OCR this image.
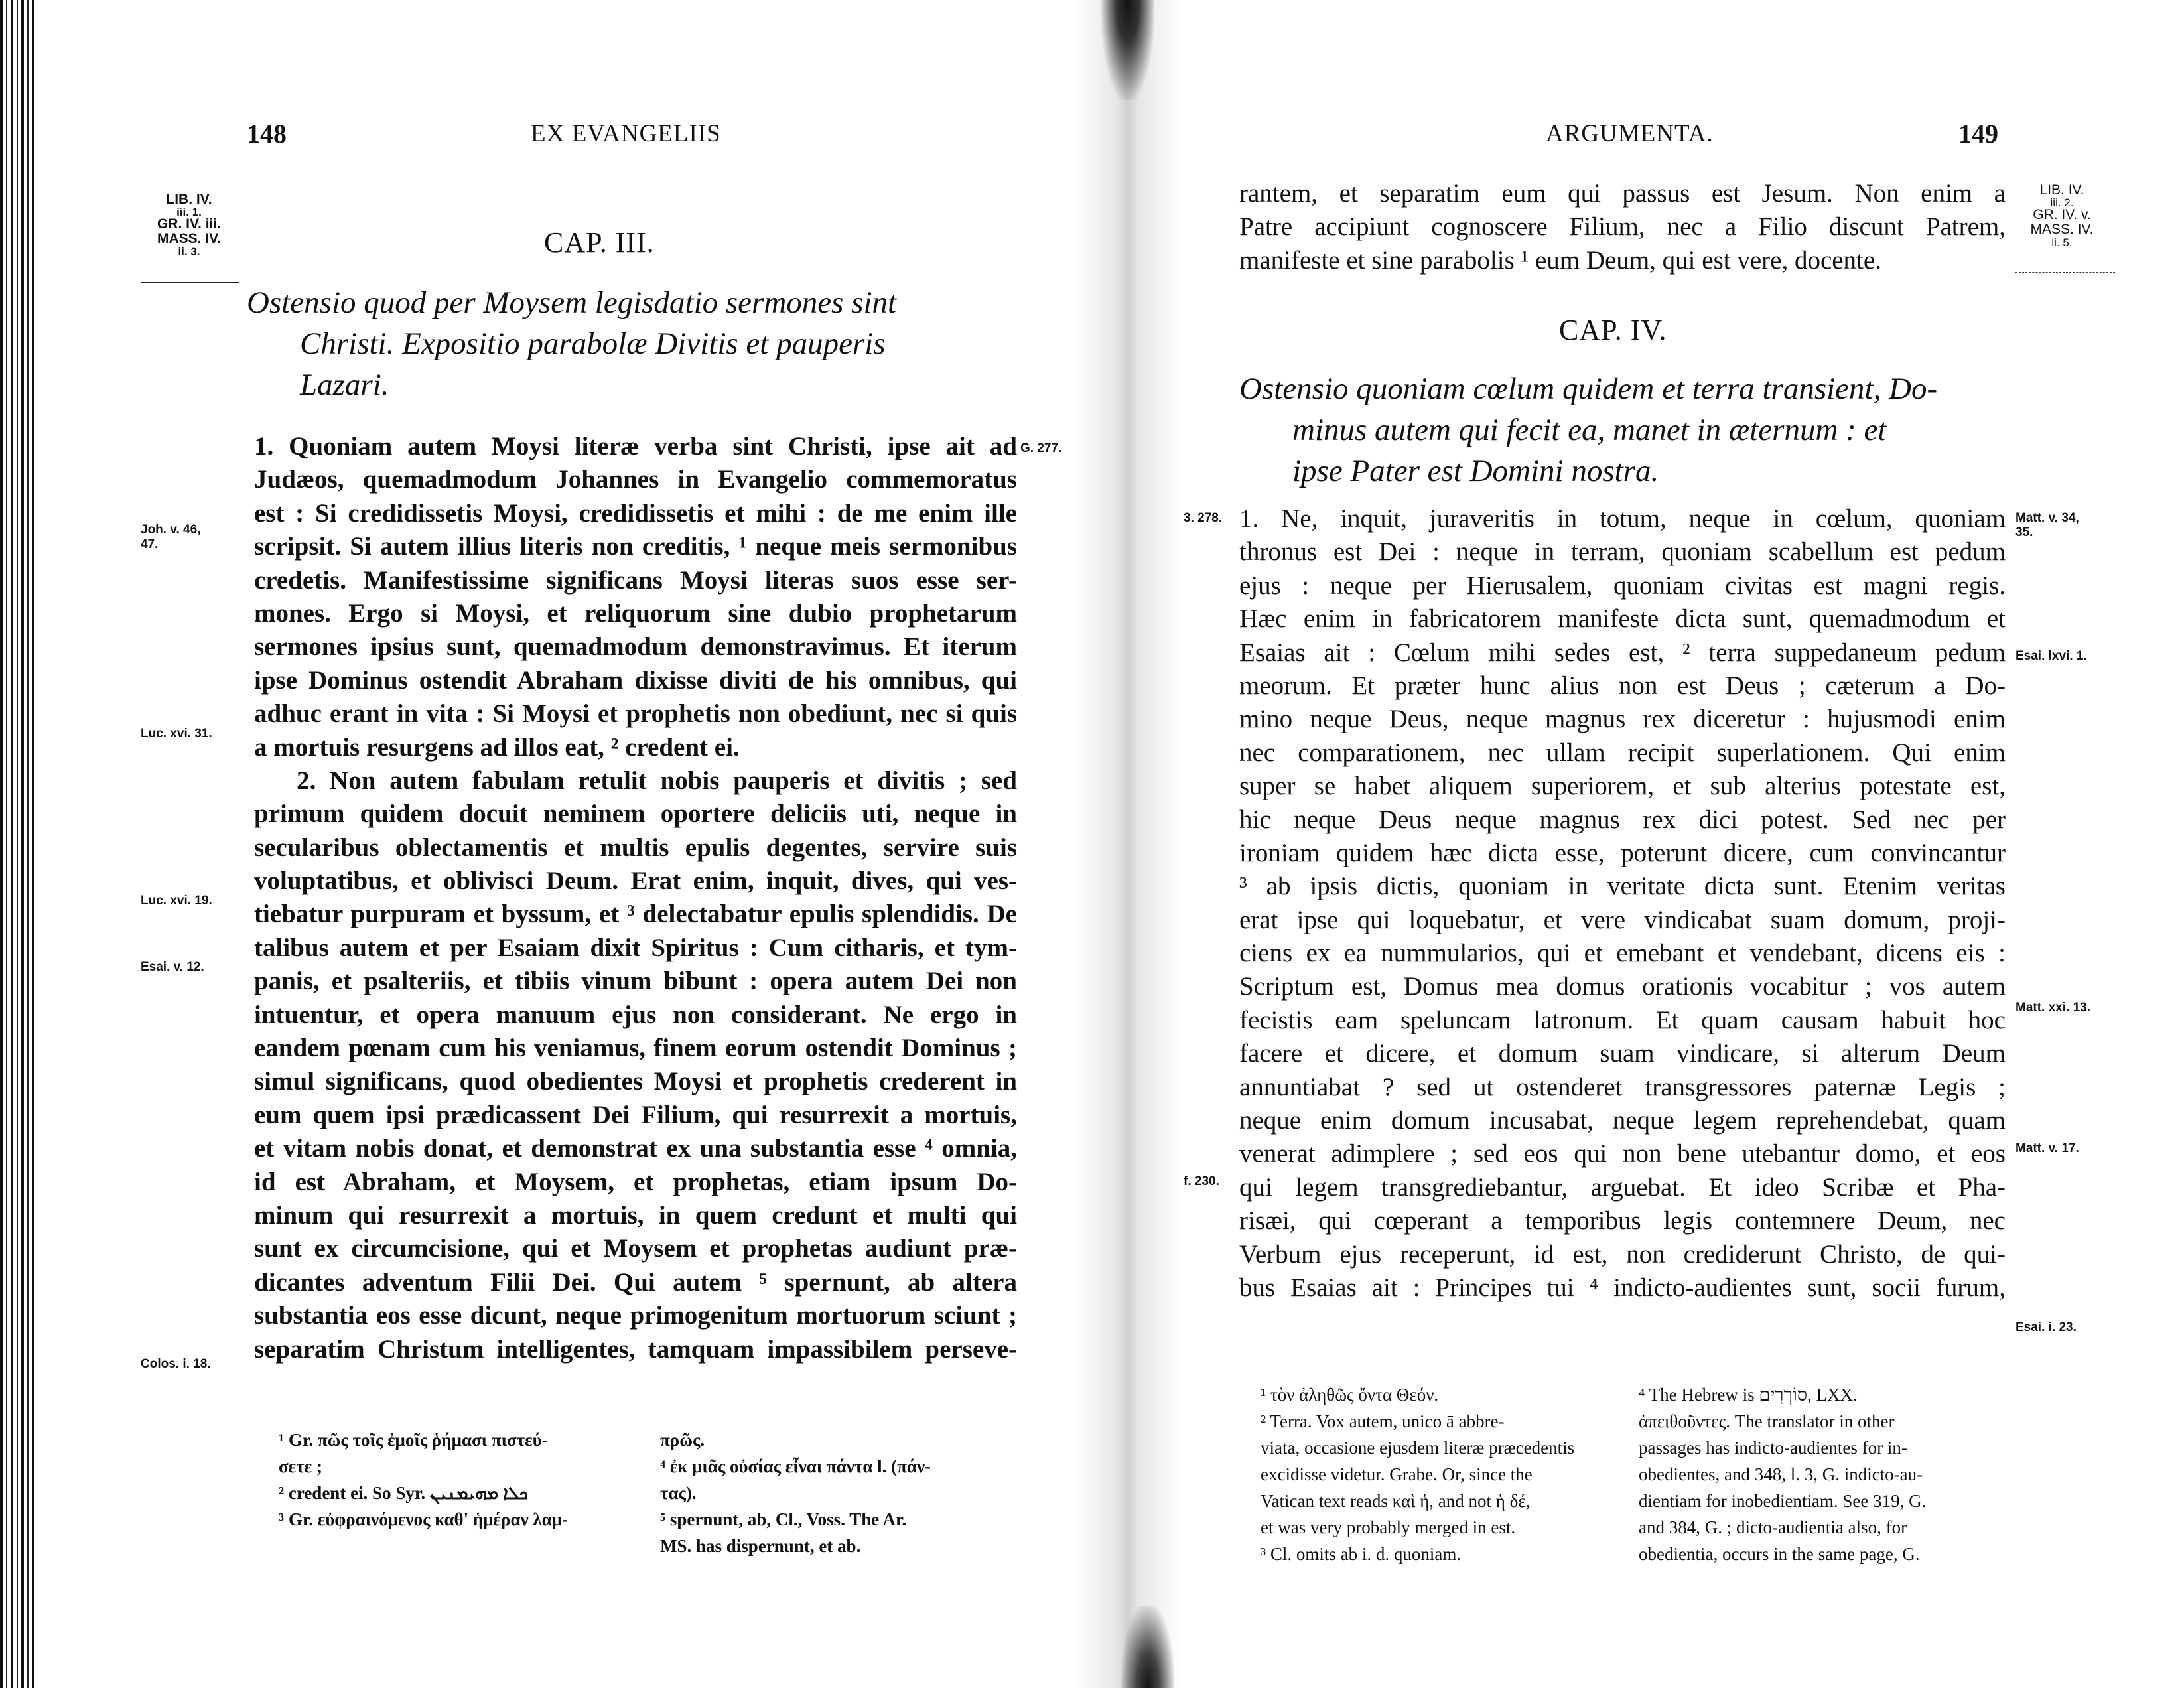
148	EX EVANGELIIS
LIB. IV.
iii. 1.
GR. IV. iii.
MASS. IV.
ii. 3.	CAP. III.
Ostensio quod per Moysem legisdatio sermones sint
Christi. Expositio parabolæ Divitis et pauperis
Lazari.
G. 277.
Joh. v. 46,
47.
Luc. xvi. 31.
Luc. xvi. 19.
Esai. v. 12.
Colos. i. 18.
1. Quoniam autem Moysi literæ verba sint Christi, ipse ait ad
Judæos, quemadmodum Johannes in Evangelio commemoratus
est : Si credidissetis Moysi, credidissetis et mihi : de me enim ille
scripsit. Si autem illius literis non creditis, ¹ neque meis sermonibus
credetis. Manifestissime significans Moysi literas suos esse ser-
mones. Ergo si Moysi, et reliquorum sine dubio prophetarum
sermones ipsius sunt, quemadmodum demonstravimus. Et iterum
ipse Dominus ostendit Abraham dixisse diviti de his omnibus, qui
adhuc erant in vita : Si Moysi et prophetis non obediunt, nec si quis
a mortuis resurgens ad illos eat, ² credent ei.
2. Non autem fabulam retulit nobis pauperis et divitis ; sed
primum quidem docuit neminem oportere deliciis uti, neque in
secularibus oblectamentis et multis epulis degentes, servire suis
voluptatibus, et oblivisci Deum. Erat enim, inquit, dives, qui ves-
tiebatur purpuram et byssum, et ³ delectabatur epulis splendidis. De
talibus autem et per Esaiam dixit Spiritus : Cum citharis, et tym-
panis, et psalteriis, et tibiis vinum bibunt : opera autem Dei non
intuentur, et opera manuum ejus non considerant. Ne ergo in
eandem pœnam cum his veniamus, finem eorum ostendit Dominus ;
simul significans, quod obedientes Moysi et prophetis crederent in
eum quem ipsi prædicassent Dei Filium, qui resurrexit a mortuis,
et vitam nobis donat, et demonstrat ex una substantia esse ⁴ omnia,
id est Abraham, et Moysem, et prophetas, etiam ipsum Do-
minum qui resurrexit a mortuis, in quem credunt et multi qui
sunt ex circumcisione, qui et Moysem et prophetas audiunt præ-
dicantes adventum Filii Dei. Qui autem ⁵ spernunt, ab altera
substantia eos esse dicunt, neque primogenitum mortuorum sciunt ;
separatim Christum intelligentes, tamquam impassibilem perseve-
¹ Gr. πῶς τοῖς ἐμοῖς ῥήμασι πιστεύ-
σετε ;
² credent ei. So Syr. ܟܠܐ ܡܗܝܡܢܝܢ
³ Gr. εὐφραινόμενος καθ' ἡμέραν λαμ-
πρῶς.
⁴ ἐκ μιᾶς οὐσίας εἶναι πάντα l. (πάν-
τας).
⁵ spernunt, ab, Cl., Voss. The Ar.
MS. has dispernunt, et ab.
ARGUMENTA.	149
LIB. IV.
iii. 2.
GR. IV. v.
MASS. IV.
ii. 5.
rantem, et separatim eum qui passus est Jesum. Non enim a
Patre accipiunt cognoscere Filium, nec a Filio discunt Patrem,
manifeste et sine parabolis ¹ eum Deum, qui est vere, docente.
CAP. IV.
Ostensio quoniam cœlum quidem et terra transient, Do-
minus autem qui fecit ea, manet in æternum : et
ipse Pater est Domini nostra.
3. 278.
f. 230.
Matt. v. 34,
35.
Esai. lxvi. 1.
Matt. xxi. 13.
Matt. v. 17.
Esai. i. 23.
1. Ne, inquit, juraveritis in totum, neque in cœlum, quoniam
thronus est Dei : neque in terram, quoniam scabellum est pedum
ejus : neque per Hierusalem, quoniam civitas est magni regis.
Hæc enim in fabricatorem manifeste dicta sunt, quemadmodum et
Esaias ait : Cœlum mihi sedes est, ² terra suppedaneum pedum
meorum. Et præter hunc alius non est Deus ; cæterum a Do-
mino neque Deus, neque magnus rex diceretur : hujusmodi enim
nec comparationem, nec ullam recipit superlationem. Qui enim
super se habet aliquem superiorem, et sub alterius potestate est,
hic neque Deus neque magnus rex dici potest. Sed nec per
ironiam quidem hæc dicta esse, poterunt dicere, cum convincantur
³ ab ipsis dictis, quoniam in veritate dicta sunt. Etenim veritas
erat ipse qui loquebatur, et vere vindicabat suam domum, proji-
ciens ex ea nummularios, qui et emebant et vendebant, dicens eis :
Scriptum est, Domus mea domus orationis vocabitur ; vos autem
fecistis eam speluncam latronum. Et quam causam habuit hoc
facere et dicere, et domum suam vindicare, si alterum Deum
annuntiabat ? sed ut ostenderet transgressores paternæ Legis ;
neque enim domum incusabat, neque legem reprehendebat, quam
venerat adimplere ; sed eos qui non bene utebantur domo, et eos
qui legem transgrediebantur, arguebat. Et ideo Scribæ et Pha-
risæi, qui cœperant a temporibus legis contemnere Deum, nec
Verbum ejus receperunt, id est, non crediderunt Christo, de qui-
bus Esaias ait : Principes tui ⁴ indicto-audientes sunt, socii furum,
¹ τὸν ἀληθῶς ὄντα Θεόν.
² Terra. Vox autem, unico ā abbre-
viata, occasione ejusdem literæ præcedentis
excidisse videtur. Grabe. Or, since the
Vatican text reads καὶ ἡ, and not ἡ δέ,
et was very probably merged in est.
³ Cl. omits ab i. d. quoniam.
⁴ The Hebrew is סוֹרְרִים, LXX.
ἀπειθοῦντες. The translator in other
passages has indicto-audientes for in-
obedientes, and 348, l. 3, G. indicto-au-
dientiam for inobedientiam. See 319, G.
and 384, G. ; dicto-audientia also, for
obedientia, occurs in the same page, G.
